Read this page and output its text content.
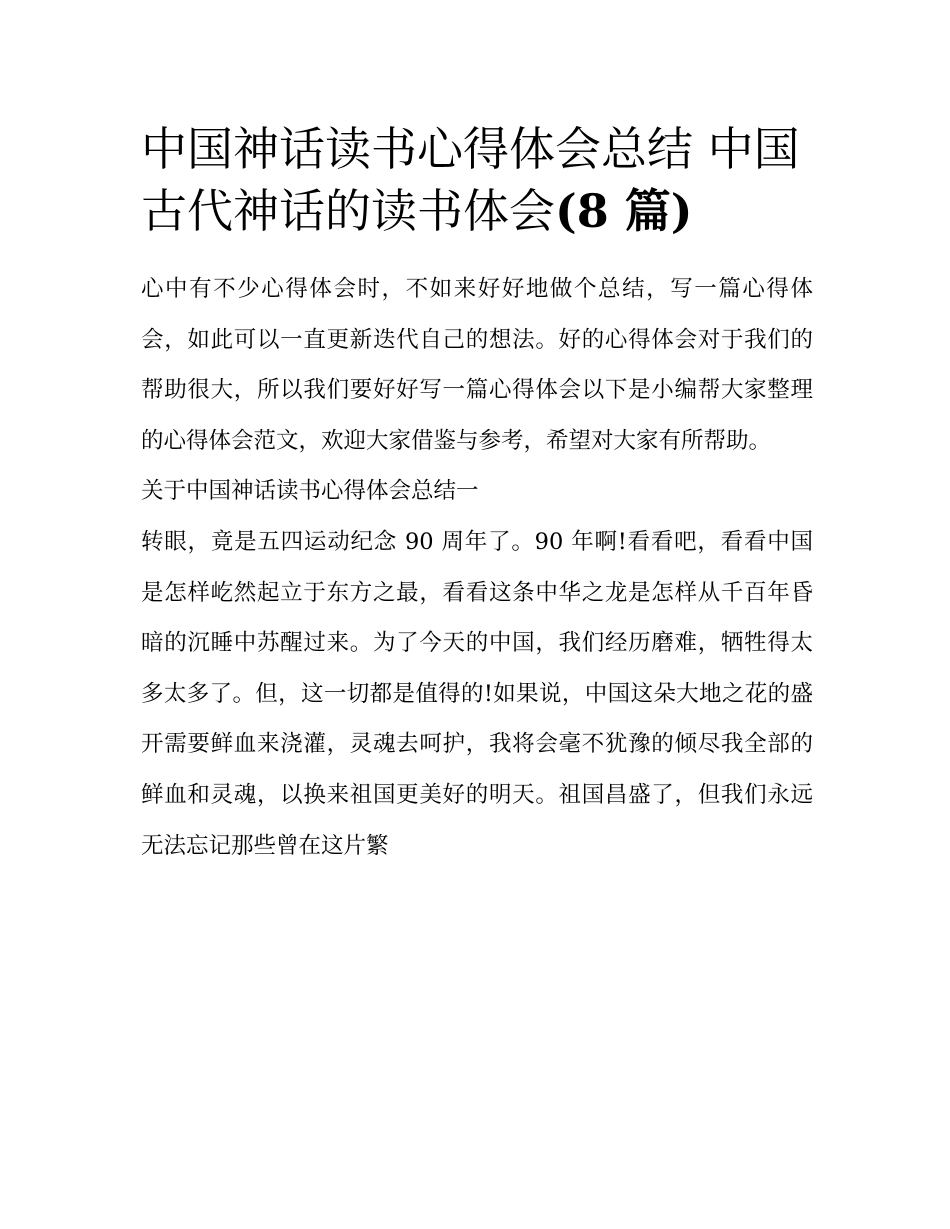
中国神话读书心得体会总结 中国古代神话的读书体会(8 篇)

心中有不少心得体会时，不如来好好地做个总结，写一篇心得体会，如此可以一直更新迭代自己的想法。好的心得体会对于我们的帮助很大，所以我们要好好写一篇心得体会以下是小编帮大家整理的心得体会范文，欢迎大家借鉴与参考，希望对大家有所帮助。

关于中国神话读书心得体会总结一

转眼，竟是五四运动纪念 90 周年了。90 年啊!看看吧，看看中国是怎样屹然起立于东方之最，看看这条中华之龙是怎样从千百年昏暗的沉睡中苏醒过来。为了今天的中国，我们经历磨难，牺牲得太多太多了。但，这一切都是值得的!如果说，中国这朵大地之花的盛开需要鲜血来浇灌，灵魂去呵护，我将会毫不犹豫的倾尽我全部的鲜血和灵魂，以换来祖国更美好的明天。祖国昌盛了，但我们永远无法忘记那些曾在这片繁
